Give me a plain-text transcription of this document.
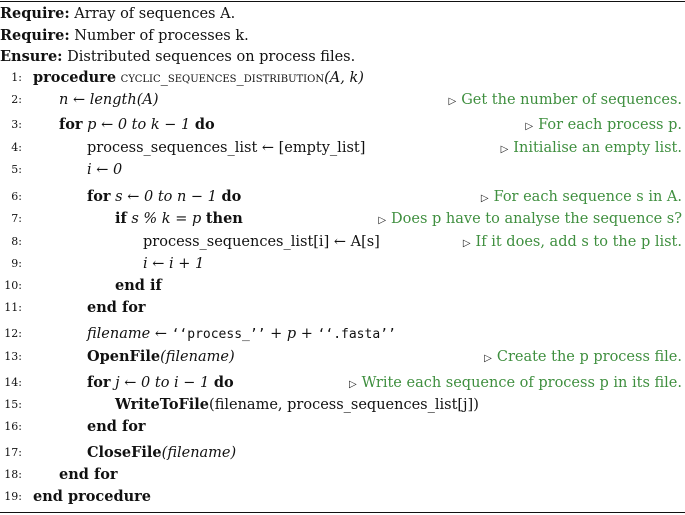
Require: Array of sequences A.
Require: Number of processes k.
Ensure: Distributed sequences on process files.
1: procedure cyclic_sequences_distribution(A, k)
2:	n ← length(A)	▷ Get the number of sequences.
3:	for p ← 0 to k − 1 do	▷ For each process p.
4:	process_sequences_list ← [empty_list]	▷ Initialise an empty list.
5:	i ← 0
6:	for s ← 0 to n − 1 do	▷ For each sequence s in A.
7:	if s % k = p then	▷ Does p have to analyse the sequence s?
8:	process_sequences_list[i] ← A[s]	▷ If it does, add s to the p list.
9:	i ← i + 1
10:	end if
11:	end for
12:	filename ← ‘‘process_’’ + p + ‘‘.fasta’’
13:	OpenFile(filename)	▷ Create the p process file.
14:	for j ← 0 to i − 1 do	▷ Write each sequence of process p in its file.
15:	WriteToFile(filename, process_sequences_list[j])
16:	end for
17:	CloseFile(filename)
18:	end for
19: end procedure
